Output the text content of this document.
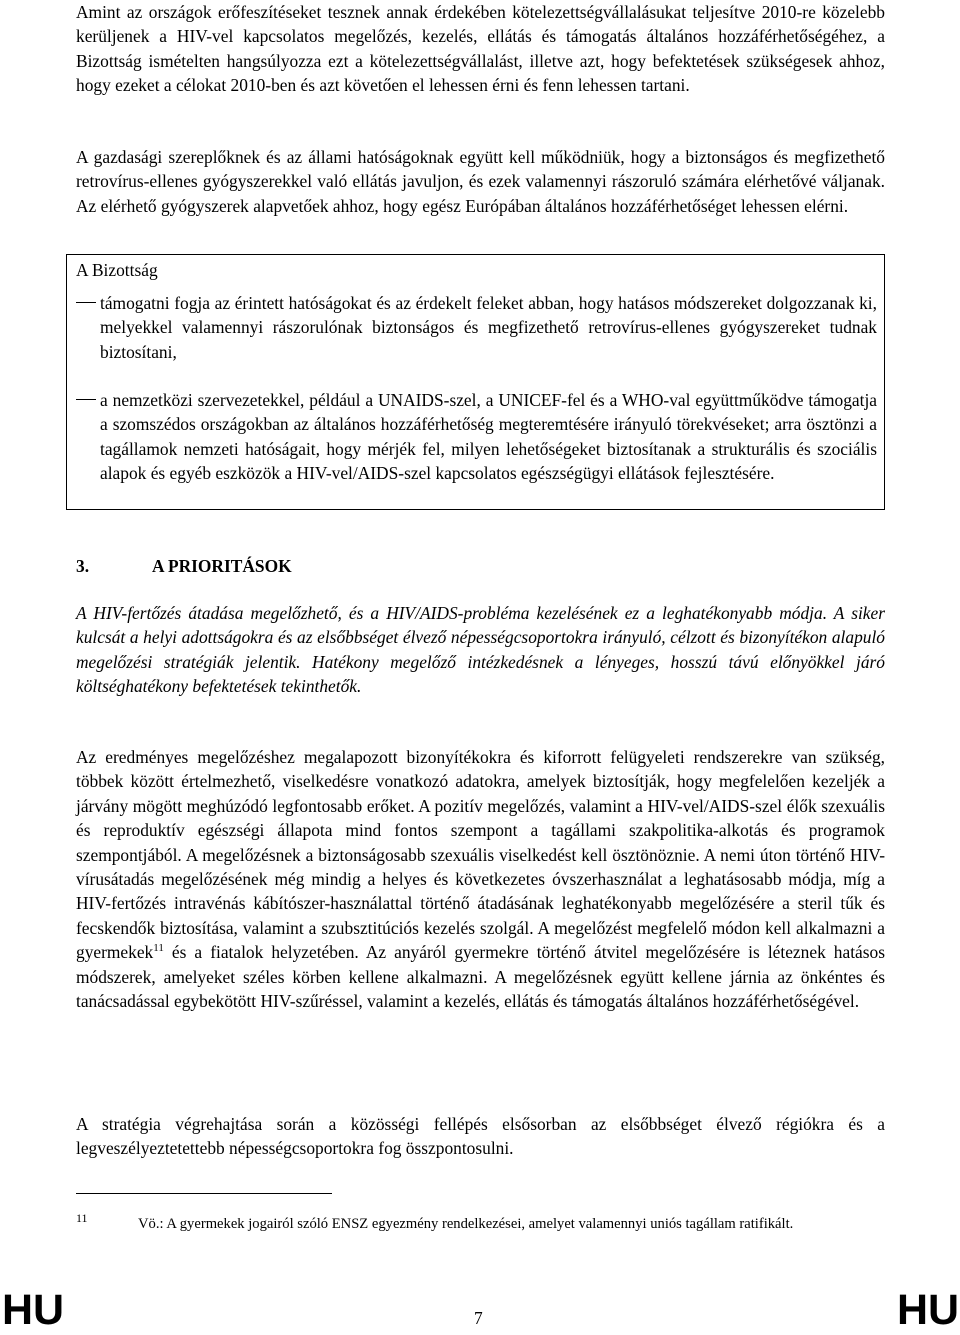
Amint az országok erőfeszítéseket tesznek annak érdekében kötelezettségvállalásukat teljesítve 2010-re közelebb kerüljenek a HIV-vel kapcsolatos megelőzés, kezelés, ellátás és támogatás általános hozzáférhetőségéhez, a Bizottság ismételten hangsúlyozza ezt a kötelezettségvállalást, illetve azt, hogy befektetések szükségesek ahhoz, hogy ezeket a célokat 2010-ben és azt követően el lehessen érni és fenn lehessen tartani.

A gazdasági szereplőknek és az állami hatóságoknak együtt kell működniük, hogy a biztonságos és megfizethető retrovírus-ellenes gyógyszerekkel való ellátás javuljon, és ezek valamennyi rászoruló számára elérhetővé váljanak. Az elérhető gyógyszerek alapvetőek ahhoz, hogy egész Európában általános hozzáférhetőséget lehessen elérni.

A Bizottság

támogatni fogja az érintett hatóságokat és az érdekelt feleket abban, hogy hatásos módszereket dolgozzanak ki, melyekkel valamennyi rászorulónak biztonságos és megfizethető retrovírus-ellenes gyógyszereket tudnak biztosítani,

a nemzetközi szervezetekkel, például a UNAIDS-szel, a UNICEF-fel és a WHO-val együttműködve támogatja a szomszédos országokban az általános hozzáférhetőség megteremtésére irányuló törekvéseket; arra ösztönzi a tagállamok nemzeti hatóságait, hogy mérjék fel, milyen lehetőségeket biztosítanak a strukturális és szociális alapok és egyéb eszközök a HIV-vel/AIDS-szel kapcsolatos egészségügyi ellátások fejlesztésére.

3.	A PRIORITÁSOK

A HIV-fertőzés átadása megelőzhető, és a HIV/AIDS-probléma kezelésének ez a leghatékonyabb módja. A siker kulcsát a helyi adottságokra és az elsőbbséget élvező népességcsoportokra irányuló, célzott és bizonyítékon alapuló megelőzési stratégiák jelentik. Hatékony megelőző intézkedésnek a lényeges, hosszú távú előnyökkel járó költséghatékony befektetések tekinthetők.

Az eredményes megelőzéshez megalapozott bizonyítékokra és kiforrott felügyeleti rendszerekre van szükség, többek között értelmezhető, viselkedésre vonatkozó adatokra, amelyek biztosítják, hogy megfelelően kezeljék a járvány mögött meghúzódó legfontosabb erőket. A pozitív megelőzés, valamint a HIV-vel/AIDS-szel élők szexuális és reproduktív egészségi állapota mind fontos szempont a tagállami szakpolitika-alkotás és programok szempontjából. A megelőzésnek a biztonságosabb szexuális viselkedést kell ösztönöznie. A nemi úton történő HIV-vírusátadás megelőzésének még mindig a helyes és következetes óvszerhasználat a leghatásosabb módja, míg a HIV-fertőzés intravénás kábítószer-használattal történő átadásának leghatékonyabb megelőzésére a steril tűk és fecskendők biztosítása, valamint a szubsztitúciós kezelés szolgál. A megelőzést megfelelő módon kell alkalmazni a gyermekek$^{11}$ és a fiatalok helyzetében. Az anyáról gyermekre történő átvitel megelőzésére is léteznek hatásos módszerek, amelyeket széles körben kellene alkalmazni. A megelőzésnek együtt kellene járnia az önkéntes és tanácsadással egybekötött HIV-szűréssel, valamint a kezelés, ellátás és támogatás általános hozzáférhetőségével.

A stratégia végrehajtása során a közösségi fellépés elsősorban az elsőbbséget élvező régiókra és a legveszélyeztetettebb népességcsoportokra fog összpontosulni.

11	Vö.: A gyermekek jogairól szóló ENSZ egyezmény rendelkezései, amelyet valamennyi uniós tagállam ratifikált.
HU	7	HU
